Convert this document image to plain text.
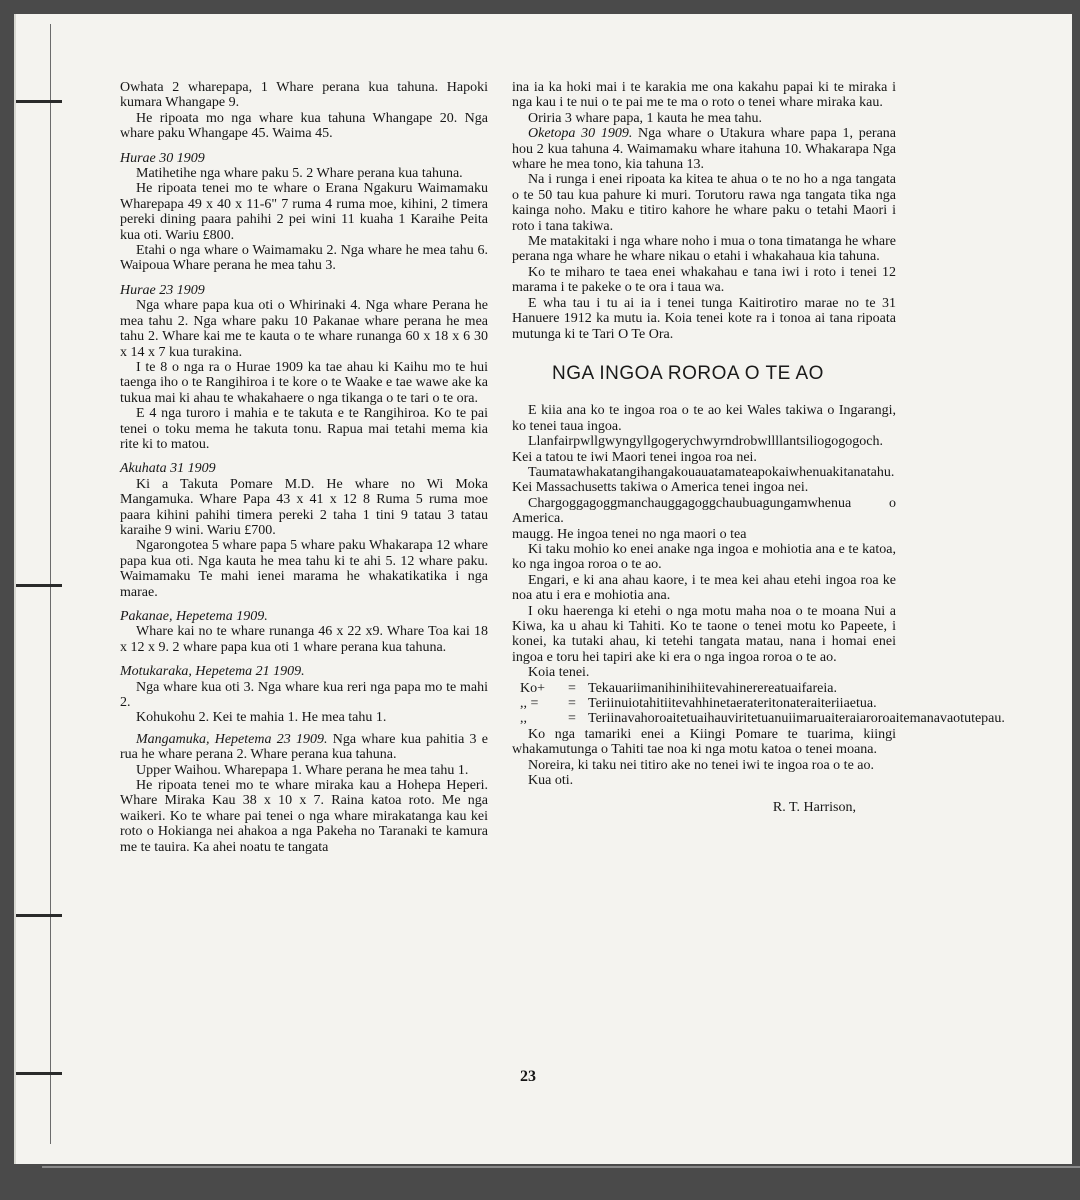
Owhata 2 wharepapa, 1 Whare perana kua tahuna. Hapoki kumara Whangape 9.

He ripoata mo nga whare kua tahuna Whangape 20. Nga whare paku Whangape 45. Waima 45.

Hurae 30 1909

Matihetihe nga whare paku 5. 2 Whare perana kua tahuna.

He ripoata tenei mo te whare o Erana Ngakuru Waimamaku Wharepapa 49 x 40 x 11-6" 7 ruma 4 ruma moe, kihini, 2 timera pereki dining paara pahihi 2 pei wini 11 kuaha 1 Karaihe Peita kua oti. Wariu £800.

Etahi o nga whare o Waimamaku 2. Nga whare he mea tahu 6. Waipoua Whare perana he mea tahu 3.

Hurae 23 1909

Nga whare papa kua oti o Whirinaki 4. Nga whare Perana he mea tahu 2. Nga whare paku 10 Pakanae whare perana he mea tahu 2. Whare kai me te kauta o te whare runanga 60 x 18 x 6 30 x 14 x 7 kua turakina.

I te 8 o nga ra o Hurae 1909 ka tae ahau ki Kaihu mo te hui taenga iho o te Rangihiroa i te kore o te Waake e tae wawe ake ka tukua mai ki ahau te whakahaere o nga tikanga o te tari o te ora.

E 4 nga turoro i mahia e te takuta e te Rangihiroa. Ko te pai tenei o toku mema he takuta tonu. Rapua mai tetahi mema kia rite ki to matou.

Akuhata 31 1909

Ki a Takuta Pomare M.D. He whare no Wi Moka Mangamuka. Whare Papa 43 x 41 x 12 8 Ruma 5 ruma moe paara kihini pahihi timera pereki 2 taha 1 tini 9 tatau 3 tatau karaihe 9 wini. Wariu £700.

Ngarongotea 5 whare papa 5 whare paku Whakarapa 12 whare papa kua oti. Nga kauta he mea tahu ki te ahi 5. 12 whare paku. Waimamaku Te mahi ienei marama he whakatikatika i nga marae.

Pakanae, Hepetema 1909.

Whare kai no te whare runanga 46 x 22 x9. Whare Toa kai 18 x 12 x 9. 2 whare papa kua oti 1 whare perana kua tahuna.

Motukaraka, Hepetema 21 1909.

Nga whare kua oti 3. Nga whare kua reri nga papa mo te mahi 2.

Kohukohu 2. Kei te mahia 1. He mea tahu 1.

Mangamuka, Hepetema 23 1909. Nga whare kua pahitia 3 e rua he whare perana 2. Whare perana kua tahuna.

Upper Waihou. Wharepapa 1. Whare perana he mea tahu 1.

He ripoata tenei mo te whare miraka kau a Hohepa Heperi. Whare Miraka Kau 38 x 10 x 7. Raina katoa roto. Me nga waikeri. Ko te whare pai tenei o nga whare mirakatanga kau kei roto o Hokianga nei ahakoa a nga Pakeha no Taranaki te kamura me te tauira. Ka ahei noatu te tangata

ina ia ka hoki mai i te karakia me ona kakahu papai ki te miraka i nga kau i te nui o te pai me te ma o roto o tenei whare miraka kau.

Oriria 3 whare papa, 1 kauta he mea tahu.

Oketopa 30 1909. Nga whare o Utakura whare papa 1, perana hou 2 kua tahuna 4. Waimamaku whare itahuna 10. Whakarapa Nga whare he mea tono, kia tahuna 13.

Na i runga i enei ripoata ka kitea te ahua o te no ho a nga tangata o te 50 tau kua pahure ki muri. Torutoru rawa nga tangata tika nga kainga noho. Maku e titiro kahore he whare paku o tetahi Maori i roto i tana takiwa.

Me matakitaki i nga whare noho i mua o tona timatanga he whare perana nga whare he whare nikau o etahi i whakahaua kia tahuna.

Ko te miharo te taea enei whakahau e tana iwi i roto i tenei 12 marama i te pakeke o te ora i taua wa.

E wha tau i tu ai ia i tenei tunga Kaitirotiro marae no te 31 Hanuere 1912 ka mutu ia. Koia tenei kote ra i tonoa ai tana ripoata mutunga ki te Tari O Te Ora.

NGA INGOA ROROA O TE AO

E kiia ana ko te ingoa roa o te ao kei Wales takiwa o Ingarangi, ko tenei taua ingoa.

Llanfairpwllgwyngyllgogerychwyrndrobwllllantsiliogogogoch. Kei a tatou te iwi Maori tenei ingoa roa nei.

Taumatawhakatangihangakouauatamateapokaiwhenuakitanatahu. Kei Massachusetts takiwa o America tenei ingoa nei.

Chargoggagoggmanchauggagoggchaubuagungamwhenua o America.

maugg. He ingoa tenei no nga maori o tea

Ki taku mohio ko enei anake nga ingoa e mohiotia ana e te katoa, ko nga ingoa roroa o te ao.

Engari, e ki ana ahau kaore, i te mea kei ahau etehi ingoa roa ke noa atu i era e mohiotia ana.

I oku haerenga ki etehi o nga motu maha noa o te moana Nui a Kiwa, ka u ahau ki Tahiti. Ko te taone o tenei motu ko Papeete, i konei, ka tutaki ahau, ki tetehi tangata matau, nana i homai enei ingoa e toru hei tapiri ake ki era o nga ingoa roroa o te ao.

Koia tenei.

Ko+	= Tekauariimanihinihiitevahinerereatuaifareia.
,, =	= Teriinuiotahitiitevahhinetaerateritonateraiteriiaetua.
,,	= Teriinavahoroaitetuaihauviritetuanuiimaruaiteraiaroroaitemanavaotutepau.

Ko nga tamariki enei a Kiingi Pomare te tuarima, kiingi whakamutunga o Tahiti tae noa ki nga motu katoa o tenei moana.

Noreira, ki taku nei titiro ake no tenei iwi te ingoa roa o te ao.

Kua oti.

R. T. Harrison,
23
